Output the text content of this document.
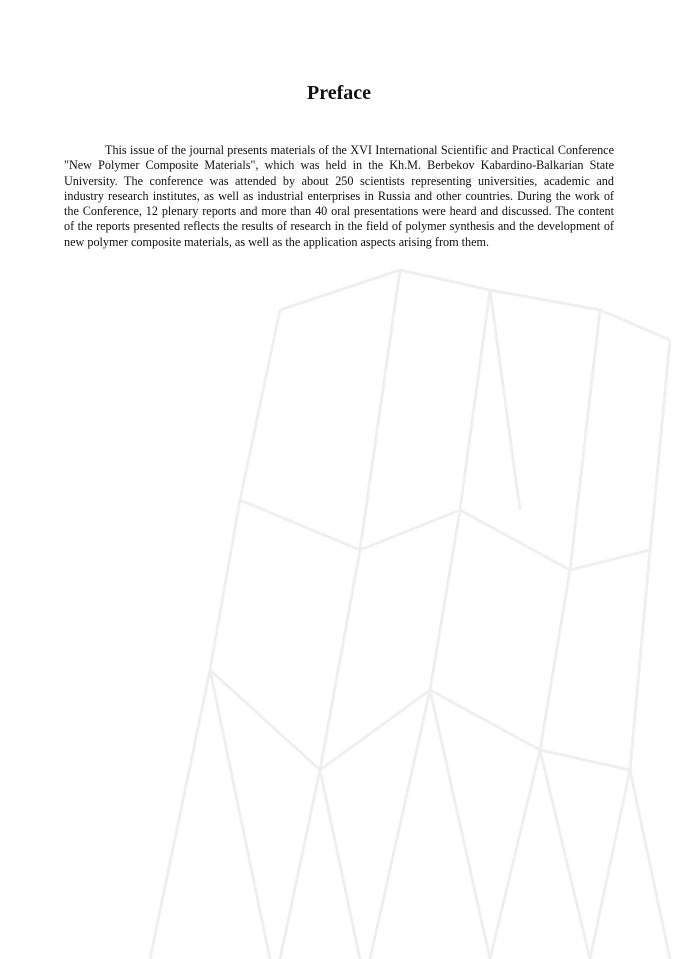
Preface

This issue of the journal presents materials of the XVI International Scientific and Practical Conference "New Polymer Composite Materials", which was held in the Kh.M. Berbekov Kabardino-Balkarian State University. The conference was attended by about 250 scientists representing universities, academic and industry research institutes, as well as industrial enterprises in Russia and other countries. During the work of the Conference, 12 plenary reports and more than 40 oral presentations were heard and discussed. The content of the reports presented reflects the results of research in the field of polymer synthesis and the development of new polymer composite materials, as well as the application aspects arising from them.
